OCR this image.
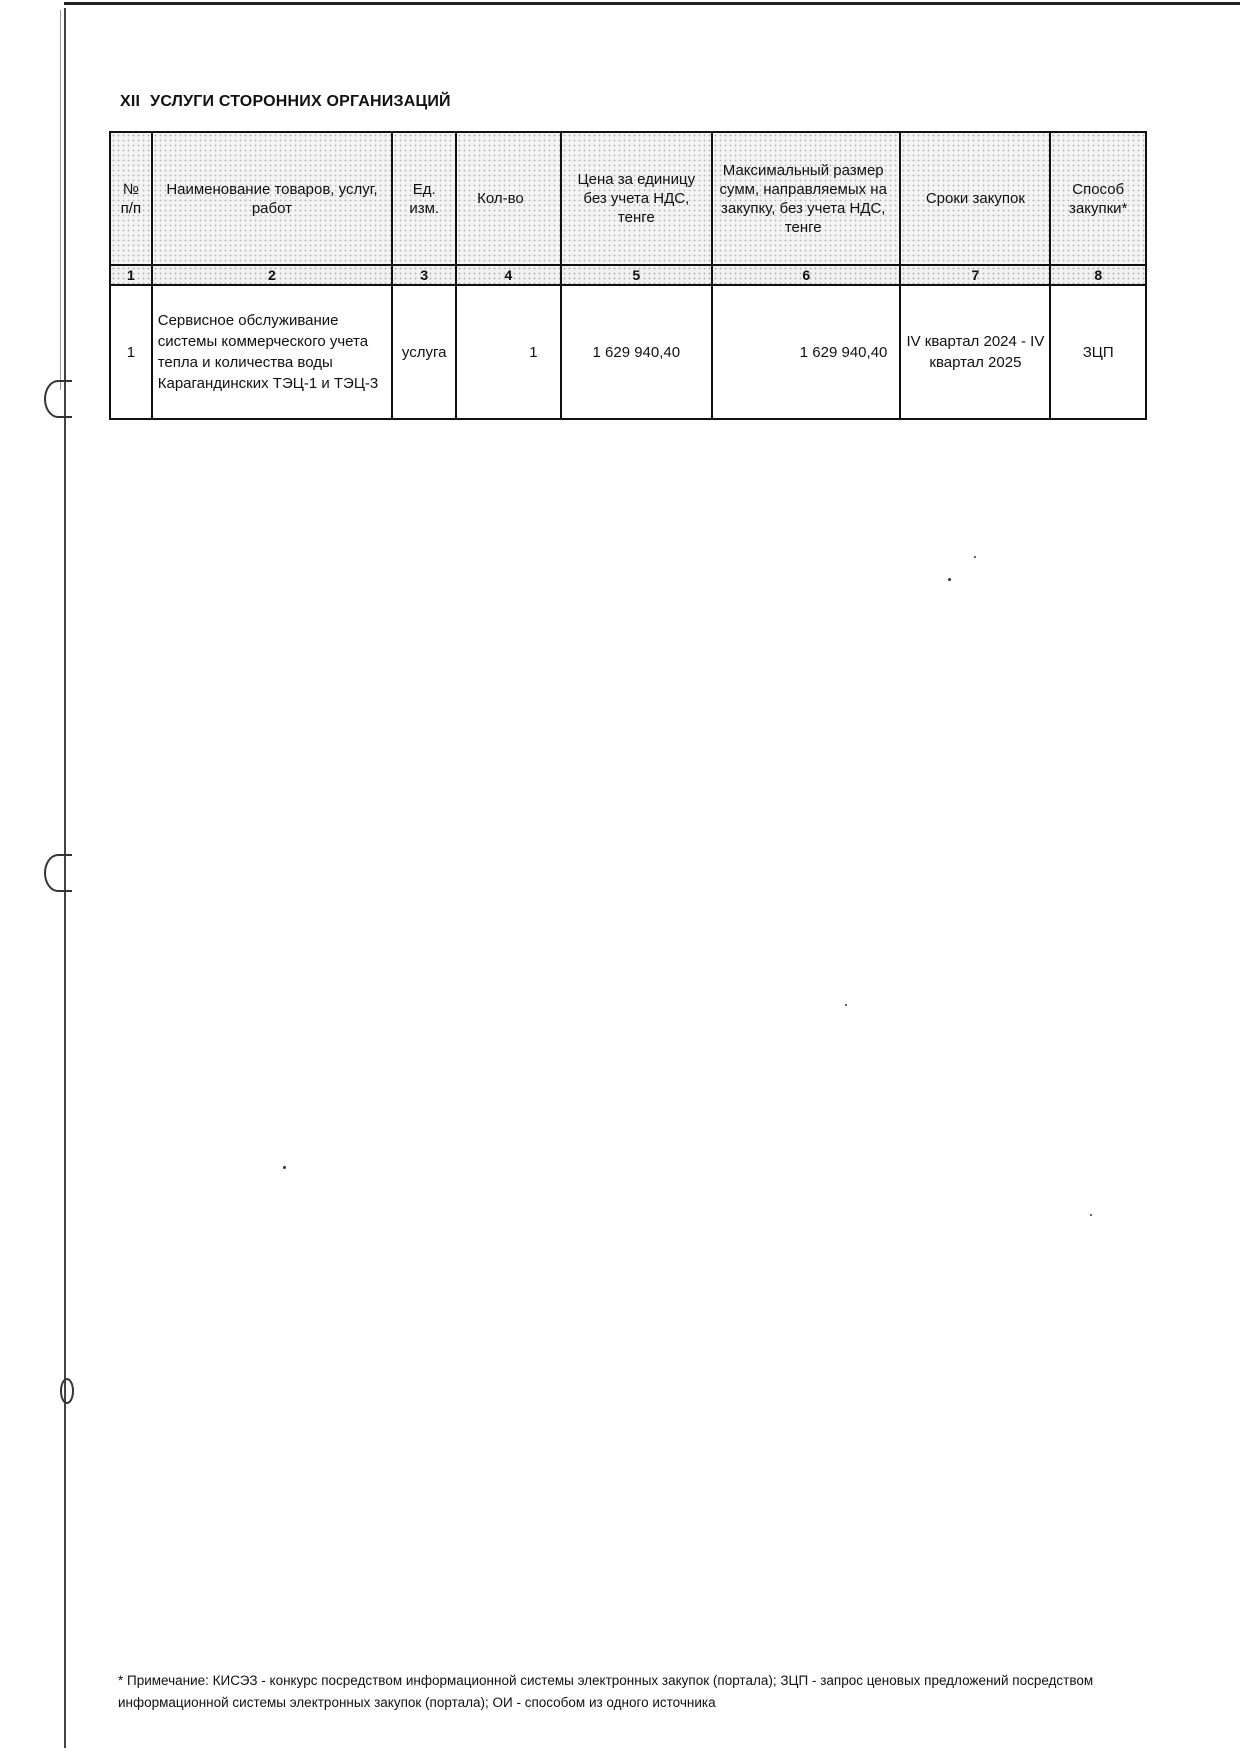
XII УСЛУГИ СТОРОННИХ ОРГАНИЗАЦИЙ
№ п/п	Наименование товаров, услуг, работ	Ед. изм.	Кол-во	Цена за единицу без учета НДС, тенге	Максимальный размер сумм, направляемых на закупку, без учета НДС, тенге	Сроки закупок	Способ закупки*
1	2	3	4	5	6	7	8
1	Сервисное обслуживание системы коммерческого учета тепла и количества воды Карагандинских ТЭЦ-1 и ТЭЦ-3	услуга	1	1 629 940,40	1 629 940,40	IV квартал 2024 - IV квартал 2025	ЗЦП
* Примечание: КИСЭЗ - конкурс посредством информационной системы электронных закупок (портала); ЗЦП - запрос ценовых предложений посредством информационной системы электронных закупок (портала); ОИ - способом из одного источника
